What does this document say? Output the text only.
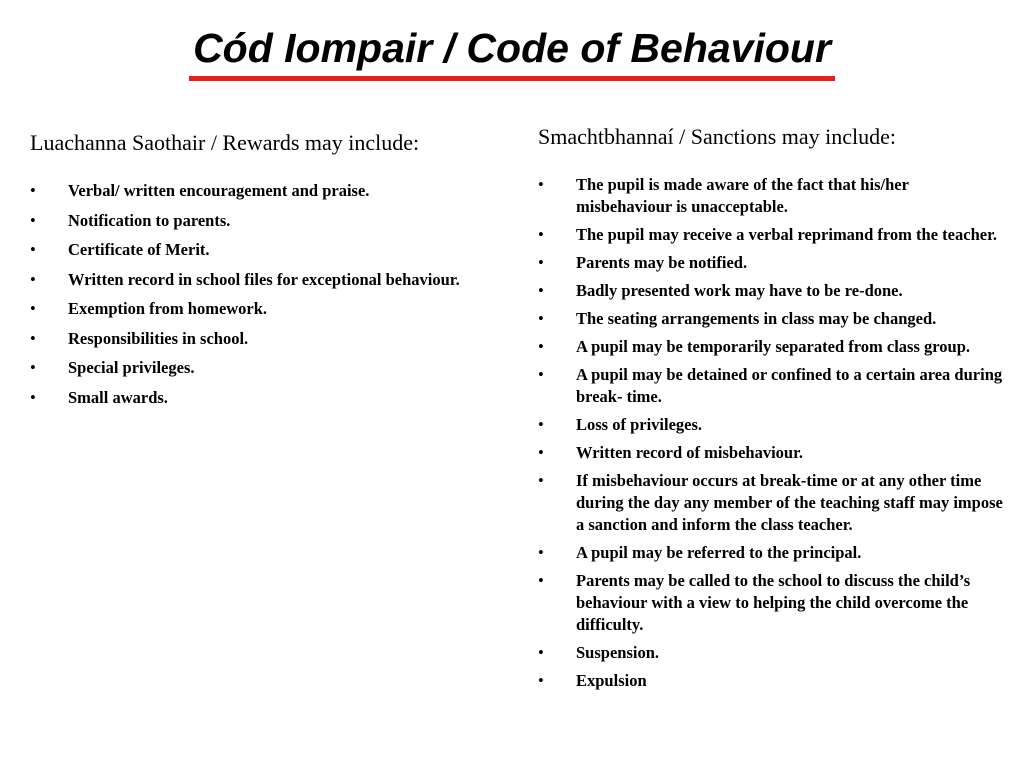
Cód Iompair / Code of Behaviour
Luachanna Saothair / Rewards may include:
• Verbal/ written encouragement and praise.
• Notification to parents.
• Certificate of Merit.
• Written record in school files for exceptional behaviour.
• Exemption from homework.
• Responsibilities in school.
• Special privileges.
• Small awards.
Smachtbhannaí / Sanctions may include:
• The pupil is made aware of the fact that his/her misbehaviour is unacceptable.
• The pupil may receive a verbal reprimand from the teacher.
• Parents may be notified.
• Badly presented work may have to be re-done.
• The seating arrangements in class may be changed.
• A pupil may be temporarily separated from class group.
• A pupil may be detained or confined to a certain area during break- time.
• Loss of privileges.
• Written record of misbehaviour.
• If misbehaviour occurs at break-time or at any other time during the day any member of the teaching staff may impose a sanction and inform the class teacher.
• A pupil may be referred to the principal.
• Parents may be called to the school to discuss the child’s behaviour with a view to helping the child overcome the difficulty.
• Suspension.
• Expulsion
